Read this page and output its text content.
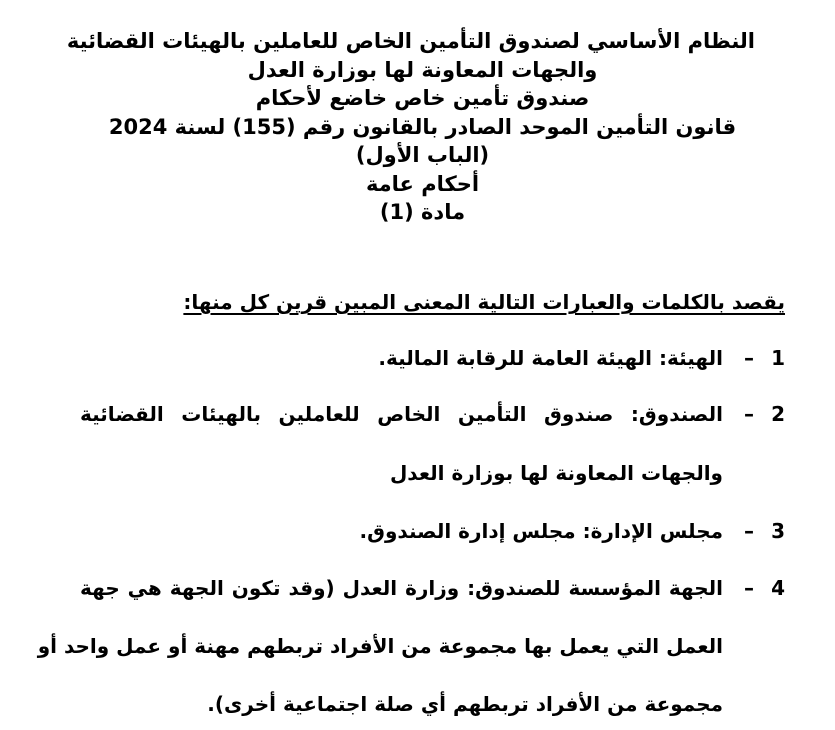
النظام الأساسي لصندوق التأمين الخاص للعاملين بالهيئات القضائية
والجهات المعاونة لها بوزارة العدل
صندوق تأمين خاص خاضع لأحكام
قانون التأمين الموحد الصادر بالقانون رقم (155) لسنة 2024
(الباب الأول)
أحكام عامة
مادة (1)
يقصد بالكلمات والعبارات التالية المعنى المبين قرين كل منها:
1
–
الهيئة: الهيئة العامة للرقابة المالية.
2
–
الصندوق: صندوق التأمين الخاص للعاملين بالهيئات القضائية
والجهات المعاونة لها بوزارة العدل
3
–
مجلس الإدارة: مجلس إدارة الصندوق.
4
–
الجهة المؤسسة للصندوق: وزارة العدل (وقد تكون الجهة هي جهة
العمل التي يعمل بها مجموعة من الأفراد تربطهم مهنة أو عمل واحد أو
مجموعة من الأفراد تربطهم أي صلة اجتماعية أخرى).
